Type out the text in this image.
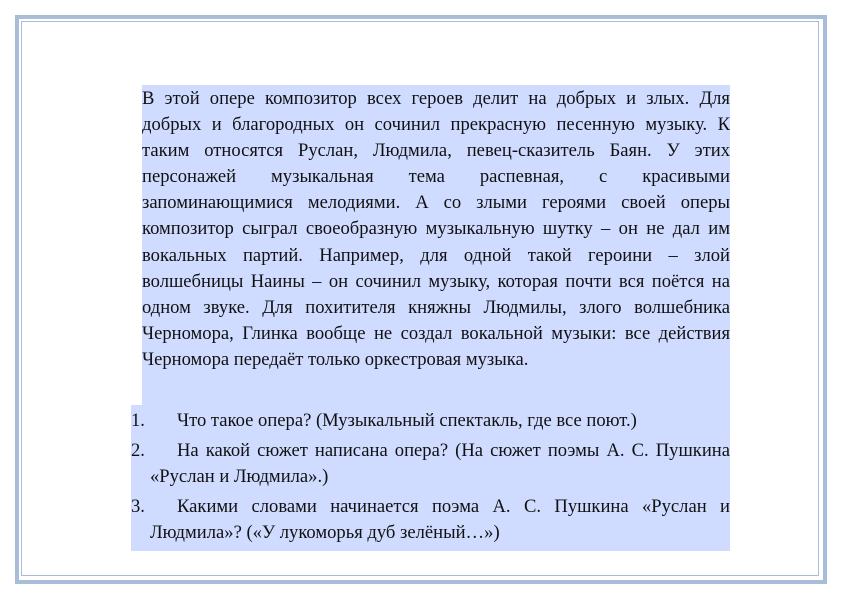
В этой опере композитор всех героев делит на добрых и злых. Для добрых и благородных он сочинил прекрасную песенную музыку. К таким относятся Руслан, Людмила, певец-сказитель Баян. У этих персонажей музыкальная тема распевная, с красивыми запоминающимися мелодиями. А со злыми героями своей оперы композитор сыграл своеобразную музыкальную шутку – он не дал им вокальных партий. Например, для одной такой героини – злой волшебницы Наины – он сочинил музыку, которая почти вся поётся на одном звуке. Для похитителя княжны Людмилы, злого волшебника Черномора, Глинка вообще не создал вокальной музыки: все действия Черномора передаёт только оркестровая музыка.

1.	Что такое опера? (Музыкальный спектакль, где все поют.)
2.	На какой сюжет написана опера? (На сюжет поэмы А. С. Пушкина «Руслан и Людмила».)
3.	Какими словами начинается поэма А. С. Пушкина «Руслан и Людмила»? («У лукоморья дуб зелёный…»)
